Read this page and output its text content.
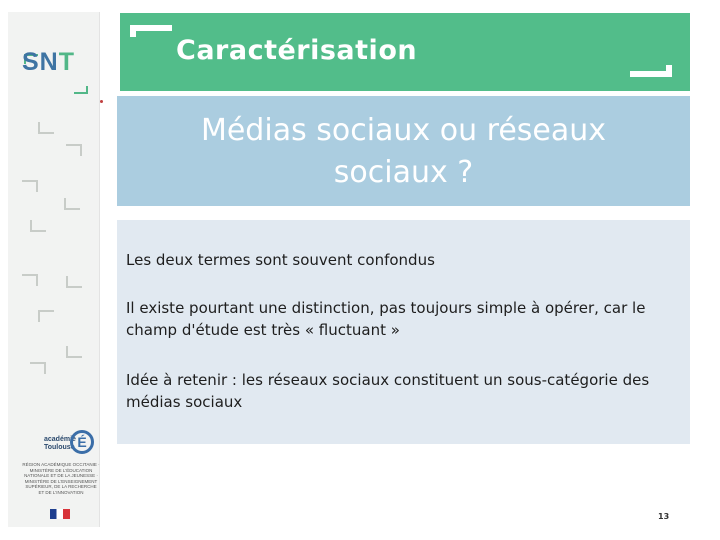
SNT
académie
Toulouse É
RÉGION ACADÉMIQUE OCCITANIE · MINISTÈRE DE L'ÉDUCATION NATIONALE ET DE LA JEUNESSE · MINISTÈRE DE L'ENSEIGNEMENT SUPÉRIEUR, DE LA RECHERCHE ET DE L'INNOVATION
Caractérisation
Médias sociaux ou réseaux
sociaux ?
Les deux termes sont souvent confondus
Il existe pourtant une distinction, pas toujours simple à opérer, car le champ d'étude est très « fluctuant »
Idée à retenir : les réseaux sociaux constituent un sous-catégorie des médias sociaux
13
